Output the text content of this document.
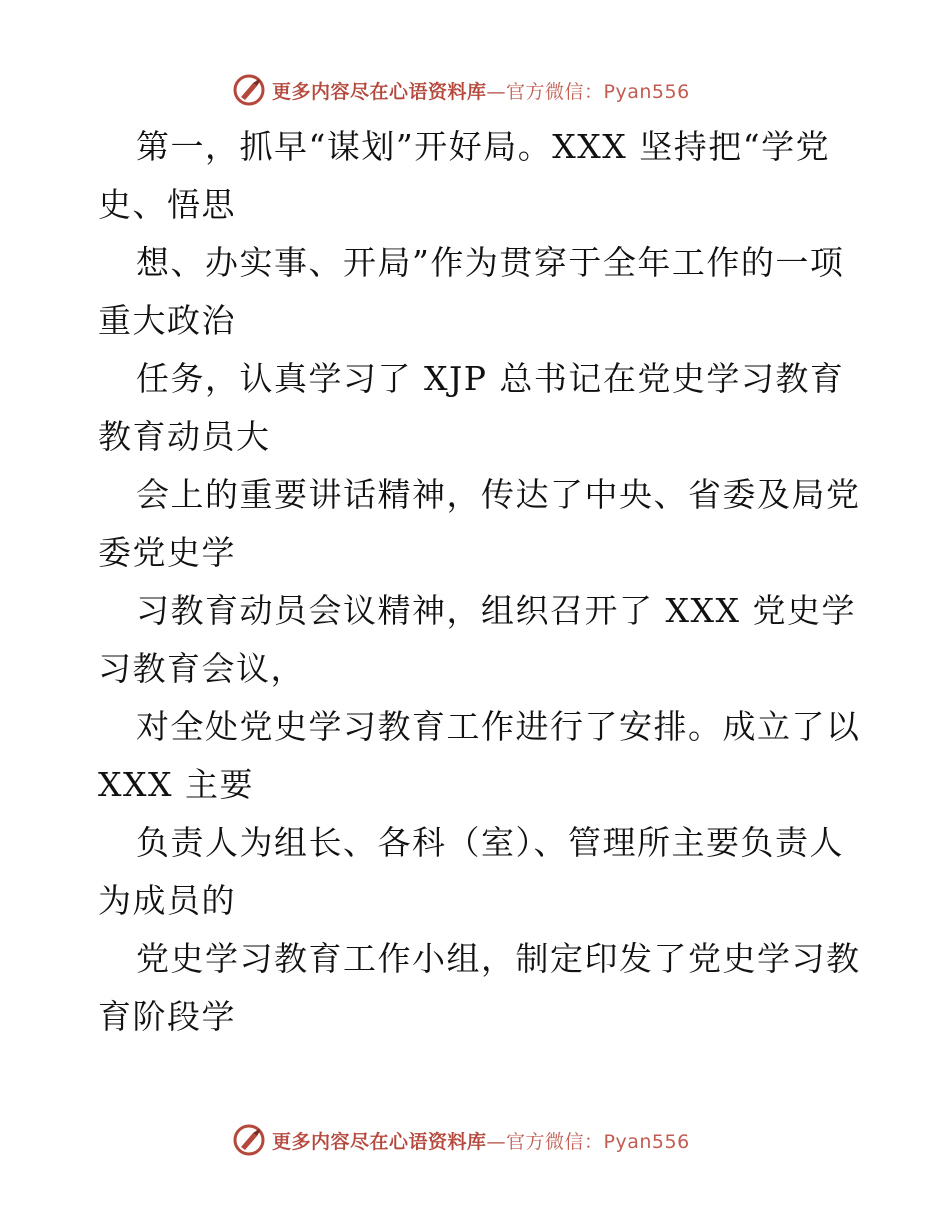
更多内容尽在心语资料库—官方微信：Pyan556
第一，抓早“谋划”开好局。XXX 坚持把“学党
史、悟思
想、办实事、开局”作为贯穿于全年工作的一项
重大政治
任务，认真学习了 XJP 总书记在党史学习教育
教育动员大
会上的重要讲话精神，传达了中央、省委及局党
委党史学
习教育动员会议精神，组织召开了 XXX 党史学
习教育会议，
对全处党史学习教育工作进行了安排。成立了以
XXX 主要
负责人为组长、各科（室）、管理所主要负责人
为成员的
党史学习教育工作小组，制定印发了党史学习教
育阶段学
更多内容尽在心语资料库—官方微信：Pyan556
